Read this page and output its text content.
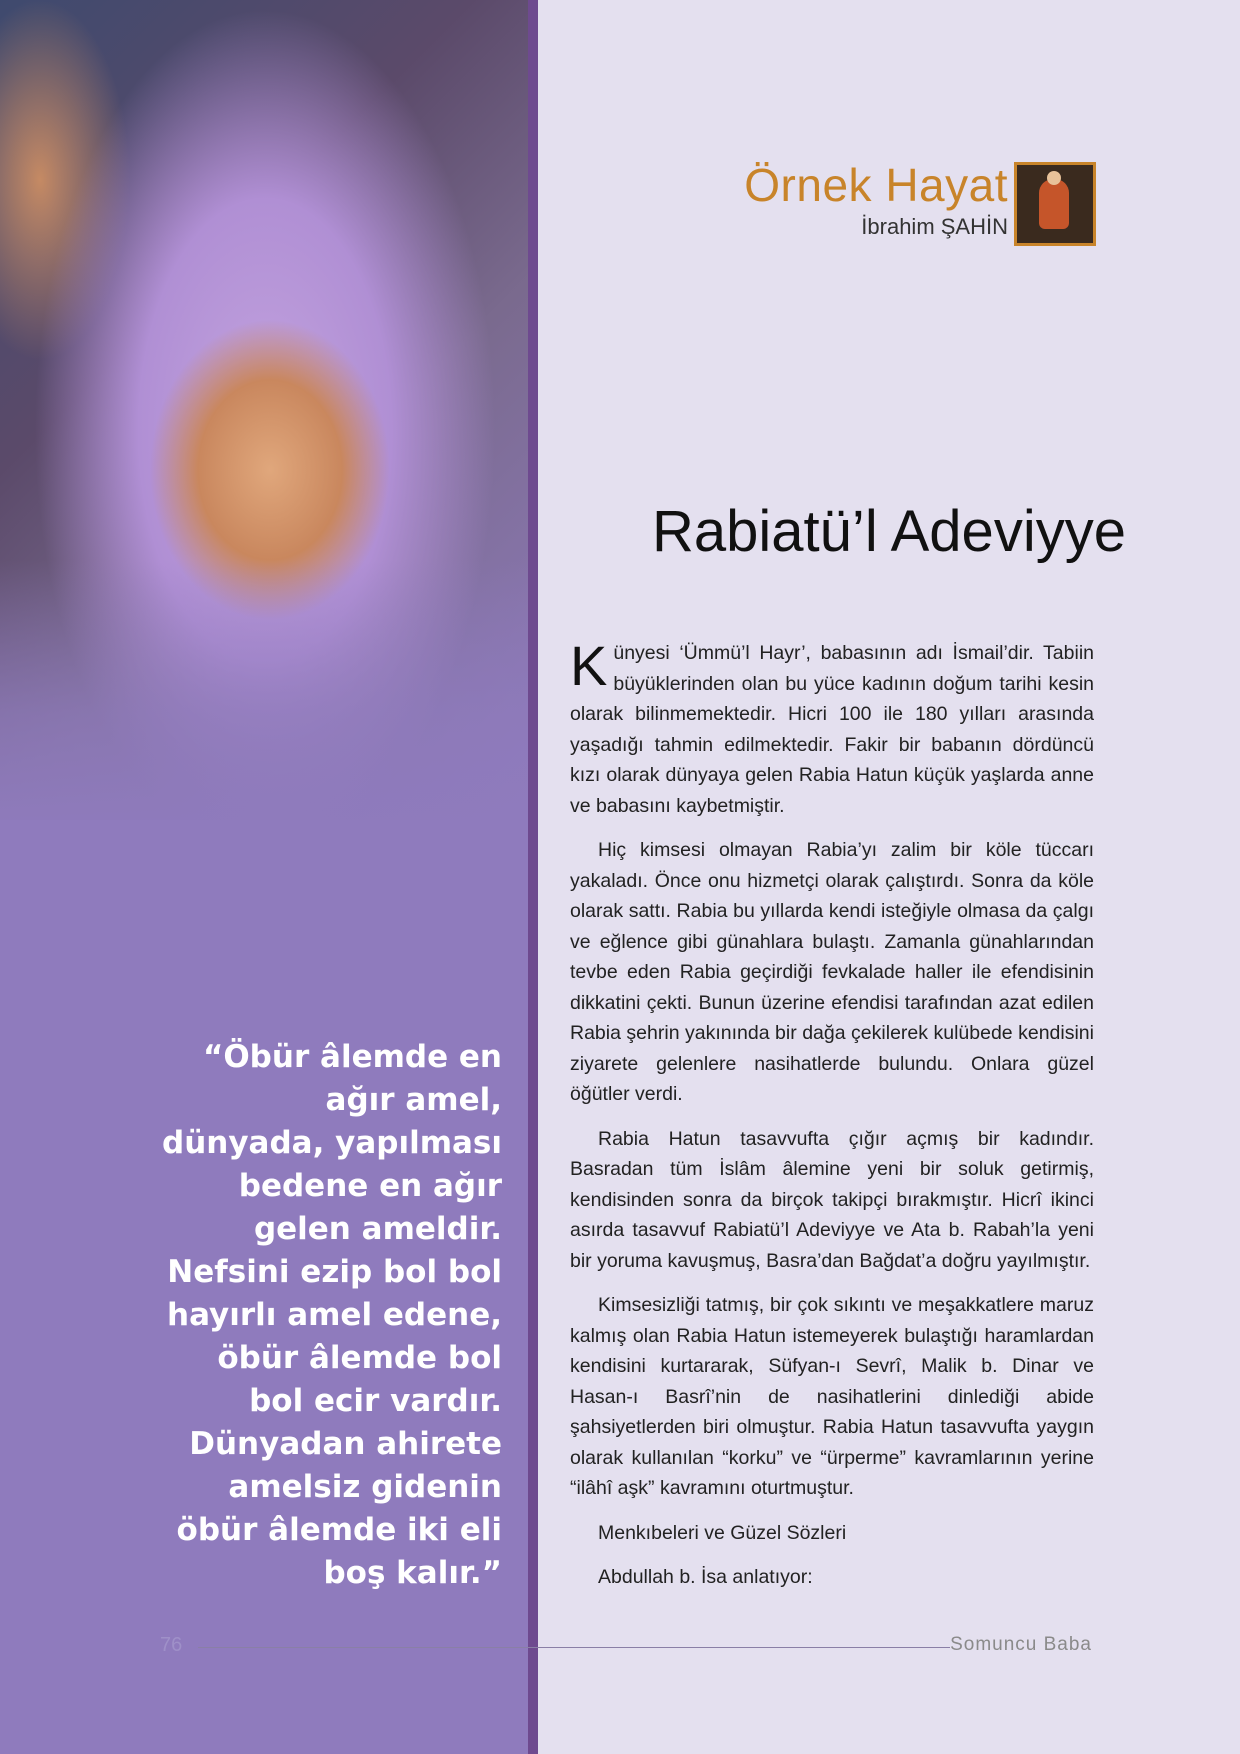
Örnek Hayat
İbrahim ŞAHİN
Rabiatü’l Adeviyye

Künyesi ‘Ümmü’l Hayr’, babasının adı İsmail’dir. Tabiin büyüklerinden olan bu yüce kadının doğum tarihi kesin olarak bilinmemektedir. Hicri 100 ile 180 yılları arasında yaşadığı tahmin edilmektedir. Fakir bir babanın dördüncü kızı olarak dünyaya gelen Rabia Hatun küçük yaşlarda anne ve babasını kaybetmiştir.

Hiç kimsesi olmayan Rabia’yı zalim bir köle tüccarı yakaladı. Önce onu hizmetçi olarak çalıştırdı. Sonra da köle olarak sattı. Rabia bu yıllarda kendi isteğiyle olmasa da çalgı ve eğlence gibi günahlara bulaştı. Zamanla günahlarından tevbe eden Rabia geçirdiği fevkalade haller ile efendisinin dikkatini çekti. Bunun üzerine efendisi tarafından azat edilen Rabia şehrin yakınında bir dağa çekilerek kulübede kendisini ziyarete gelenlere nasihatlerde bulundu. Onlara güzel öğütler verdi.

Rabia Hatun tasavvufta çığır açmış bir kadındır. Basradan tüm İslâm âlemine yeni bir soluk getirmiş, kendisinden sonra da birçok takipçi bırakmıştır. Hicrî ikinci asırda tasavvuf Rabiatü’l Adeviyye ve Ata b. Rabah’la yeni bir yoruma kavuşmuş, Basra’dan Bağdat’a doğru yayılmıştır.

Kimsesizliği tatmış, bir çok sıkıntı ve meşakkatlere maruz kalmış olan Rabia Hatun istemeyerek bulaştığı haramlardan kendisini kurtararak, Süfyan-ı Sevrî, Malik b. Dinar ve Hasan-ı Basrî’nin de nasihatlerini dinlediği abide şahsiyetlerden biri olmuştur. Rabia Hatun tasavvufta yaygın olarak kullanılan “korku” ve “ürperme” kavramlarının yerine “ilâhî aşk” kavramını oturtmuştur.

Menkıbeleri ve Güzel Sözleri

Abdullah b. İsa anlatıyor:

“Öbür âlemde en ağır amel, dünyada, yapılması bedene en ağır gelen ameldir. Nefsini ezip bol bol hayırlı amel edene, öbür âlemde bol bol ecir vardır. Dünyadan ahirete amelsiz gidenin öbür âlemde iki eli boş kalır.”
76	Somuncu Baba
